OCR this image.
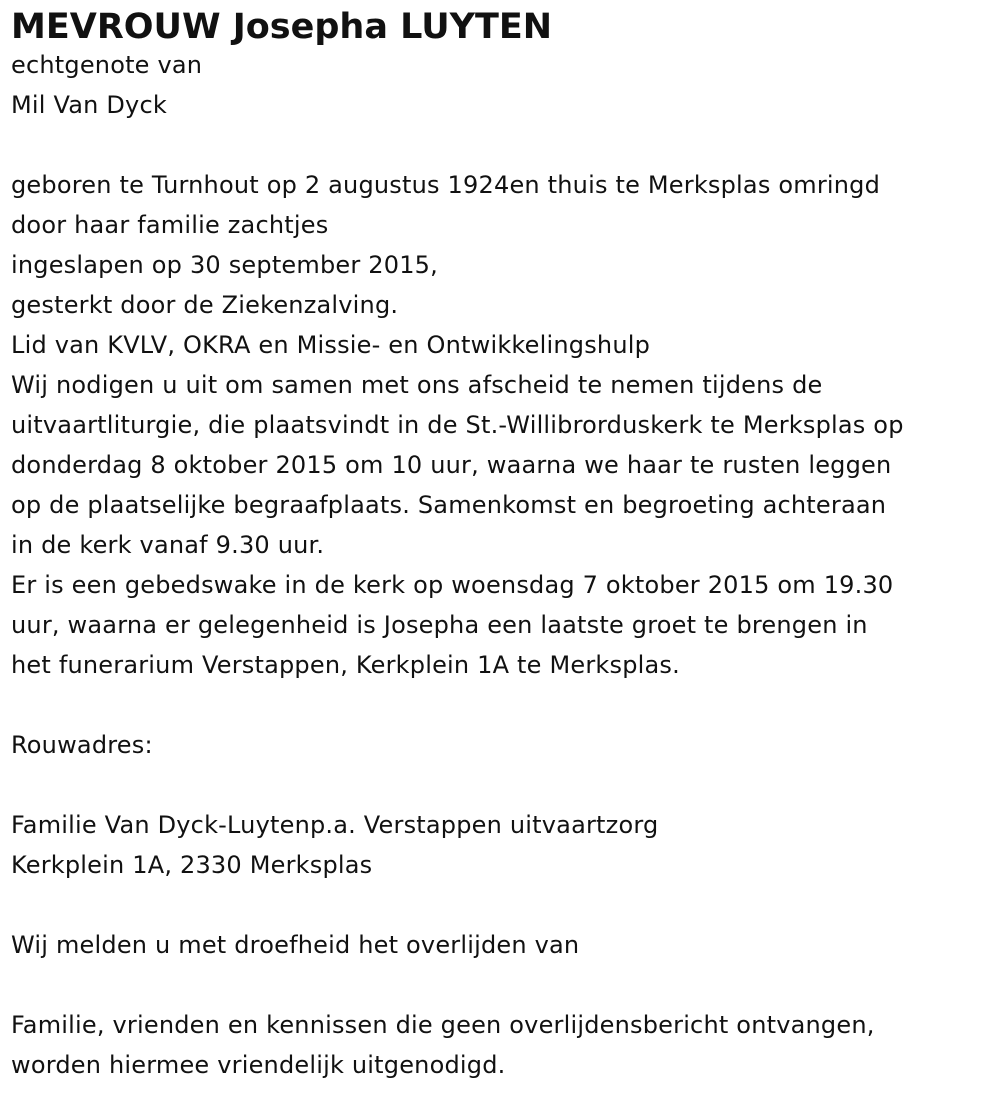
MEVROUW Josepha LUYTEN
echtgenote van
Mil Van Dyck
geboren te Turnhout op 2 augustus 1924en thuis te Merksplas omringd
door haar familie zachtjes
ingeslapen op 30 september 2015,
gesterkt door de Ziekenzalving.
Lid van KVLV, OKRA en Missie- en Ontwikkelingshulp
Wij nodigen u uit om samen met ons afscheid te nemen tijdens de
uitvaartliturgie, die plaatsvindt in de St.-Willibrorduskerk te Merksplas op
donderdag 8 oktober 2015 om 10 uur, waarna we haar te rusten leggen
op de plaatselijke begraafplaats. Samenkomst en begroeting achteraan
in de kerk vanaf 9.30 uur.
Er is een gebedswake in de kerk op woensdag 7 oktober 2015 om 19.30
uur, waarna er gelegenheid is Josepha een laatste groet te brengen in
het funerarium Verstappen, Kerkplein 1A te Merksplas.
Rouwadres:
Familie Van Dyck-Luytenp.a. Verstappen uitvaartzorg
Kerkplein 1A, 2330 Merksplas
Wij melden u met droefheid het overlijden van
Familie, vrienden en kennissen die geen overlijdensbericht ontvangen,
worden hiermee vriendelijk uitgenodigd.
